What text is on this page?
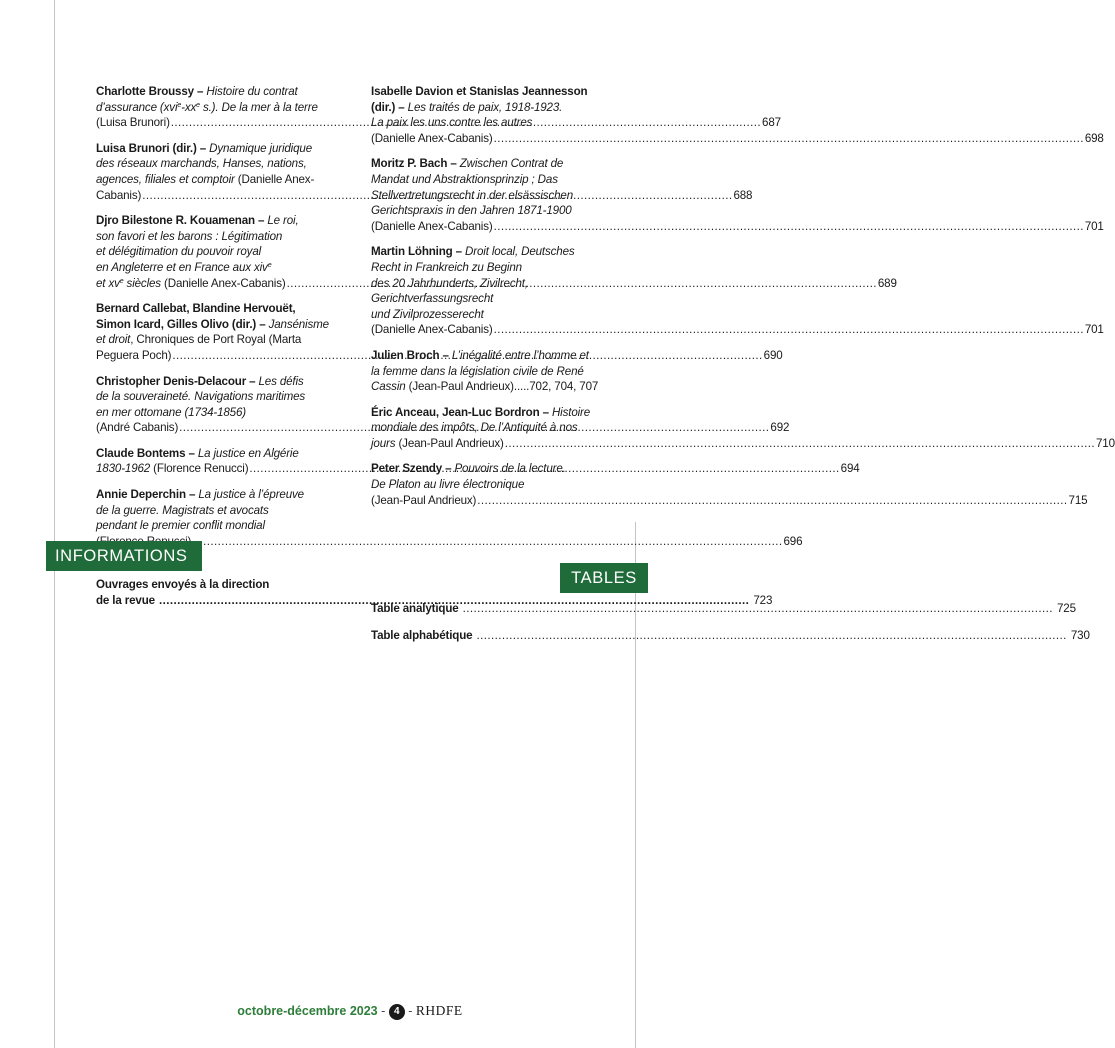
Charlotte Broussy – Histoire du contrat
d’assurance ($xvi^e-xx^e$ s.). De la mer à la terre
(Luisa Brunori) .....	687
Luisa Brunori (dir.) – Dynamique juridique
des réseaux marchands, Hanses, nations,
agences, filiales et comptoir (Danielle Anex-
Cabanis) .....	688
Djro Bilestone R. Kouamenan – Le roi,
son favori et les barons : Légitimation
et délégitimation du pouvoir royal
en Angleterre et en France aux xiv$^e$
et $xv^e$ siècles (Danielle Anex-Cabanis) .....	689
Bernard Callebat, Blandine Hervouët,
Simon Icard, Gilles Olivo (dir.) – Jansénisme
et droit, Chroniques de Port Royal (Marta
Peguera Poch) .....	690
Christopher Denis-Delacour – Les défis
de la souveraineté. Navigations maritimes
en mer ottomane (1734-1856)
(André Cabanis) .....	692
Claude Bontems – La justice en Algérie
1830-1962 (Florence Renucci) .....	694
Annie Deperchin – La justice à l’épreuve
de la guerre. Magistrats et avocats
pendant le premier conflit mondial
..... 696
Isabelle Davion et Stanislas Jeannesson
(dir.) – Les traités de paix, 1918-1923.
La paix les uns contre les autres
(Danielle Anex-Cabanis) .....	698
Moritz P. Bach – Zwischen Contrat de
Mandat und Abstraktionsprinzip ; Das
Stellvertretungsrecht in der elsässischen
Gerichtspraxis in den Jahren 1871-1900
(Danielle Anex-Cabanis) .....	701
Martin Löhning – Droit local, Deutsches
Recht in Frankreich zu Beginn
des 20 Jahrhunderts, Zivilrecht,
Gerichtverfassungsrecht
und Zivilprozesserecht
(Danielle Anex-Cabanis) .....	701
Julien Broch – L’inégalité entre l’homme et
la femme dans la législation civile de René
Cassin (Jean-Paul Andrieux).....702, 704, 707
Éric Anceau, Jean-Luc Bordron – Histoire
mondiale des impôts, De l’Antiquité à nos
jours (Jean-Paul Andrieux) .....	710
Peter Szendy – Pouvoirs de la lecture.
De Platon au livre électronique
(Jean-Paul Andrieux) .....	715
INFORMATIONS
Ouvrages envoyés à la direction
de la revue .....	723
TABLES
Table analytique .....	725
Table alphabétique .....	730
octobre-décembre 2023 - 4 - RHDFE
